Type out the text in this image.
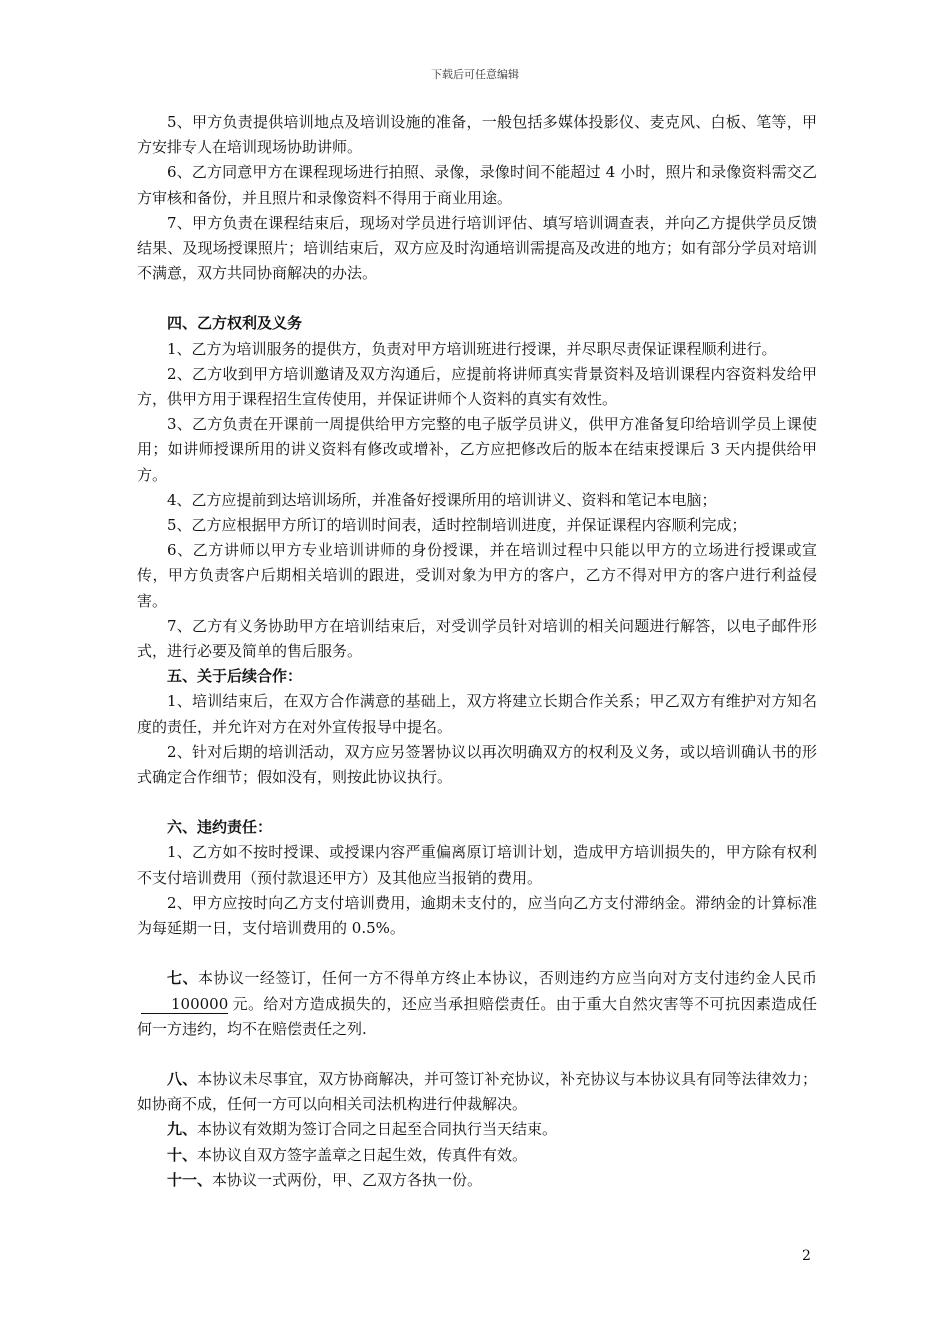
下载后可任意编辑

5、甲方负责提供培训地点及培训设施的准备，一般包括多媒体投影仪、麦克风、白板、笔等，甲方安排专人在培训现场协助讲师。

6、乙方同意甲方在课程现场进行拍照、录像，录像时间不能超过 4 小时，照片和录像资料需交乙方审核和备份，并且照片和录像资料不得用于商业用途。

7、甲方负责在课程结束后，现场对学员进行培训评估、填写培训调查表，并向乙方提供学员反馈结果、及现场授课照片；培训结束后，双方应及时沟通培训需提高及改进的地方；如有部分学员对培训不满意，双方共同协商解决的办法。

四、乙方权利及义务

1、乙方为培训服务的提供方，负责对甲方培训班进行授课，并尽职尽责保证课程顺利进行。

2、乙方收到甲方培训邀请及双方沟通后，应提前将讲师真实背景资料及培训课程内容资料发给甲方，供甲方用于课程招生宣传使用，并保证讲师个人资料的真实有效性。

3、乙方负责在开课前一周提供给甲方完整的电子版学员讲义，供甲方准备复印给培训学员上课使用；如讲师授课所用的讲义资料有修改或增补，乙方应把修改后的版本在结束授课后 3 天内提供给甲方。

4、乙方应提前到达培训场所，并准备好授课所用的培训讲义、资料和笔记本电脑；

5、乙方应根据甲方所订的培训时间表，适时控制培训进度，并保证课程内容顺利完成；

6、乙方讲师以甲方专业培训讲师的身份授课，并在培训过程中只能以甲方的立场进行授课或宣传，甲方负责客户后期相关培训的跟进，受训对象为甲方的客户，乙方不得对甲方的客户进行利益侵害。

7、乙方有义务协助甲方在培训结束后，对受训学员针对培训的相关问题进行解答，以电子邮件形式，进行必要及简单的售后服务。

五、关于后续合作：

1、培训结束后，在双方合作满意的基础上，双方将建立长期合作关系；甲乙双方有维护对方知名度的责任，并允许对方在对外宣传报导中提名。

2、针对后期的培训活动，双方应另签署协议以再次明确双方的权利及义务，或以培训确认书的形式确定合作细节；假如没有，则按此协议执行。

六、违约责任：

1、乙方如不按时授课、或授课内容严重偏离原订培训计划，造成甲方培训损失的，甲方除有权利不支付培训费用（预付款退还甲方）及其他应当报销的费用。

2、甲方应按时向乙方支付培训费用，逾期未支付的，应当向乙方支付滞纳金。滞纳金的计算标准为每延期一日，支付培训费用的 0.5%。

七、本协议一经签订，任何一方不得单方终止本协议，否则违约方应当向对方支付违约金人民币100000 元。给对方造成损失的，还应当承担赔偿责任。由于重大自然灾害等不可抗因素造成任何一方违约，均不在赔偿责任之列.

八、本协议未尽事宜，双方协商解决，并可签订补充协议，补充协议与本协议具有同等法律效力；如协商不成，任何一方可以向相关司法机构进行仲裁解决。

九、本协议有效期为签订合同之日起至合同执行当天结束。

十、本协议自双方签字盖章之日起生效，传真件有效。

十一、本协议一式两份，甲、乙双方各执一份。

2
